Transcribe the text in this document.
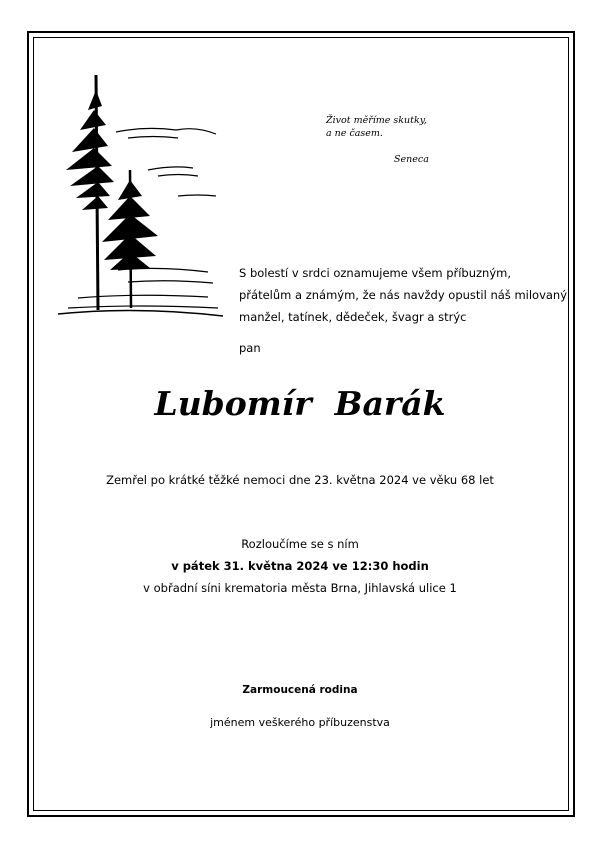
Život měříme skutky,
a ne časem.
Seneca
S bolestí v srdci oznamujeme všem příbuzným,
přátelům a známým, že nás navždy opustil náš milovaný
manžel, tatínek, dědeček, švagr a strýc
pan
Lubomír  Barák
Zemřel po krátké těžké nemoci dne 23. května 2024 ve věku 68 let
Rozloučíme se s ním
v pátek 31. května 2024 ve 12:30 hodin
v obřadní síni krematoria města Brna, Jihlavská ulice 1
Zarmoucená rodina
jménem veškerého příbuzenstva
